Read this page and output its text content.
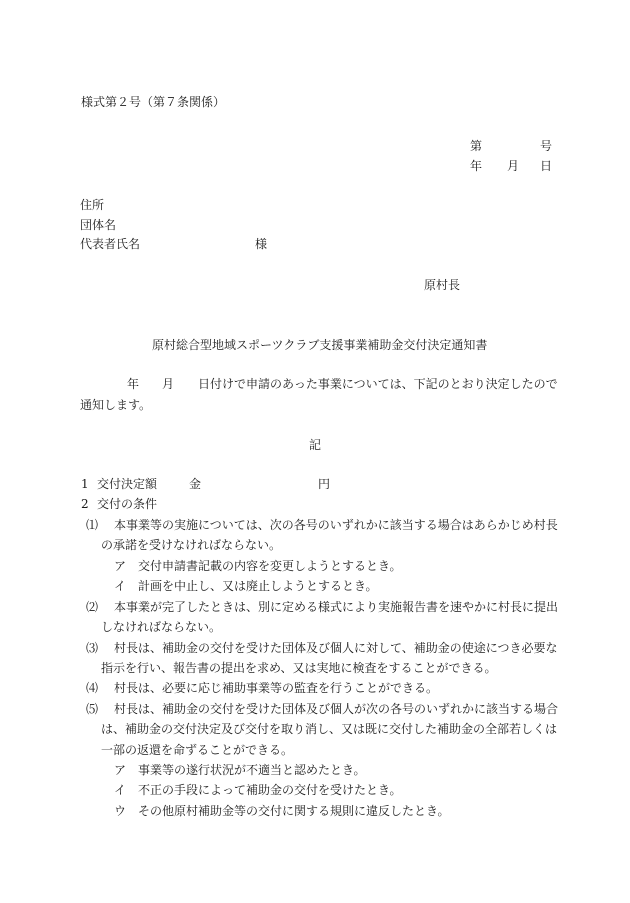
様式第２号（第７条関係）
第	号
年 月 日
住所
団体名
代表者氏名	様
原村長
原村総合型地域スポーツクラブ支援事業補助金交付決定通知書
年 月 日付けで申請のあった事業については、下記のとおり決定したので
通知します。
記
1 交付決定額	金	円
2 交付の条件
⑴ 本事業等の実施については、次の各号のいずれかに該当する場合はあらかじめ村長
の承諾を受けなければならない。
ア 交付申請書記載の内容を変更しようとするとき。
イ 計画を中止し、又は廃止しようとするとき。
⑵ 本事業が完了したときは、別に定める様式により実施報告書を速やかに村長に提出
しなければならない。
⑶ 村長は、補助金の交付を受けた団体及び個人に対して、補助金の使途につき必要な
指示を行い、報告書の提出を求め、又は実地に検査をすることができる。
⑷ 村長は、必要に応じ補助事業等の監査を行うことができる。
⑸ 村長は、補助金の交付を受けた団体及び個人が次の各号のいずれかに該当する場合
は、補助金の交付決定及び交付を取り消し、又は既に交付した補助金の全部若しくは
一部の返還を命ずることができる。
ア 事業等の遂行状況が不適当と認めたとき。
イ 不正の手段によって補助金の交付を受けたとき。
ウ その他原村補助金等の交付に関する規則に違反したとき。
